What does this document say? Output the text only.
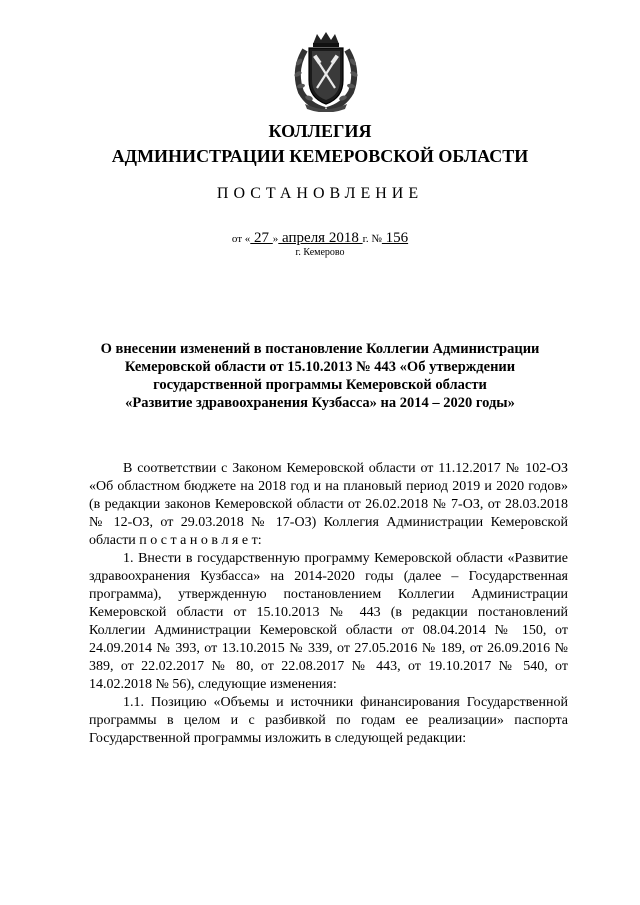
КОЛЛЕГИЯ
АДМИНИСТРАЦИИ КЕМЕРОВСКОЙ ОБЛАСТИ
ПОСТАНОВЛЕНИЕ
от « 27 » апреля 2018 г. № 156
г. Кемерово
О внесении изменений в постановление Коллегии Администрации
Кемеровской области от 15.10.2013 № 443 «Об утверждении
государственной программы Кемеровской области
«Развитие здравоохранения Кузбасса» на 2014 – 2020 годы»

В соответствии с Законом Кемеровской области от 11.12.2017 № 102-ОЗ «Об областном бюджете на 2018 год и на плановый период 2019 и 2020 годов» (в редакции законов Кемеровской области от 26.02.2018 № 7-ОЗ, от 28.03.2018 № 12-ОЗ, от 29.03.2018 № 17-ОЗ) Коллегия Администрации Кемеровской области п о с т а н о в л я е т:

1. Внести в государственную программу Кемеровской области «Развитие здравоохранения Кузбасса» на 2014-2020 годы (далее – Государственная программа), утвержденную постановлением Коллегии Администрации Кемеровской области от 15.10.2013 № 443 (в редакции постановлений Коллегии Администрации Кемеровской области от 08.04.2014 № 150, от 24.09.2014 № 393, от 13.10.2015 № 339, от 27.05.2016 № 189, от 26.09.2016 № 389, от 22.02.2017 № 80, от 22.08.2017 № 443, от 19.10.2017 № 540, от 14.02.2018 № 56), следующие изменения:

1.1. Позицию «Объемы и источники финансирования Государственной программы в целом и с разбивкой по годам ее реализации» паспорта Государственной программы изложить в следующей редакции:
